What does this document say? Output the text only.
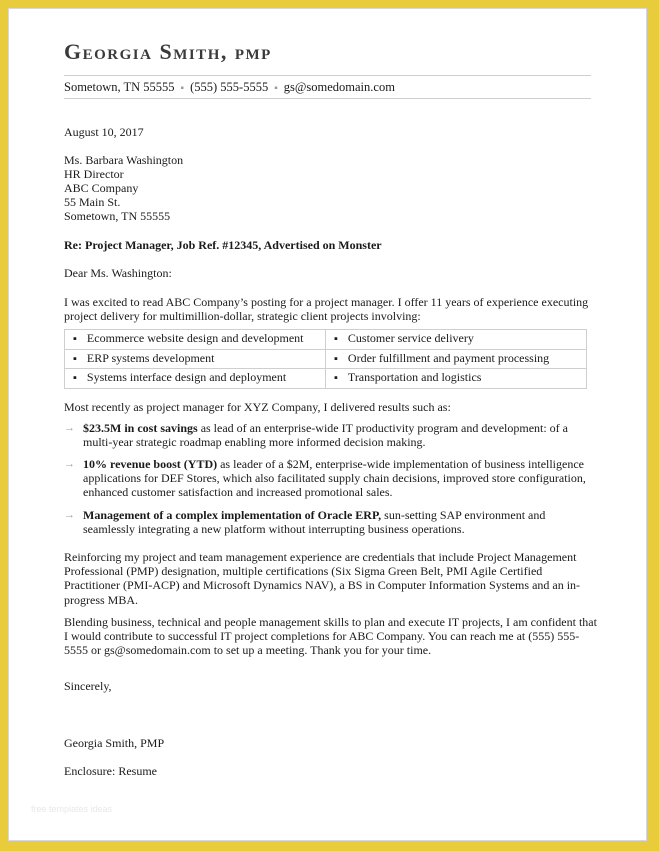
Georgia Smith, pmp
Sometown, TN 55555 ▪ (555) 555-5555 ▪ gs@somedomain.com
August 10, 2017
Ms. Barbara Washington
HR Director
ABC Company
55 Main St.
Sometown, TN 55555
Re: Project Manager, Job Ref. #12345, Advertised on Monster
Dear Ms. Washington:
I was excited to read ABC Company’s posting for a project manager. I offer 11 years of experience executing project delivery for multimillion-dollar, strategic client projects involving:
▪ Ecommerce website design and development	▪ Customer service delivery
▪ ERP systems development	▪ Order fulfillment and payment processing
▪ Systems interface design and deployment	▪ Transportation and logistics
Most recently as project manager for XYZ Company, I delivered results such as:
→ $23.5M in cost savings as lead of an enterprise-wide IT productivity program and development: of a multi-year strategic roadmap enabling more informed decision making.
→ 10% revenue boost (YTD) as leader of a $2M, enterprise-wide implementation of business intelligence applications for DEF Stores, which also facilitated supply chain decisions, improved store configuration, enhanced customer satisfaction and increased promotional sales.
→ Management of a complex implementation of Oracle ERP, sun-setting SAP environment and seamlessly integrating a new platform without interrupting business operations.
Reinforcing my project and team management experience are credentials that include Project Management Professional (PMP) designation, multiple certifications (Six Sigma Green Belt, PMI Agile Certified Practitioner (PMI-ACP) and Microsoft Dynamics NAV), a BS in Computer Information Systems and an in-progress MBA.
Blending business, technical and people management skills to plan and execute IT projects, I am confident that I would contribute to successful IT project completions for ABC Company. You can reach me at (555) 555-5555 or gs@somedomain.com to set up a meeting. Thank you for your time.
Sincerely,
Georgia Smith, PMP
Enclosure: Resume
free templates ideas
